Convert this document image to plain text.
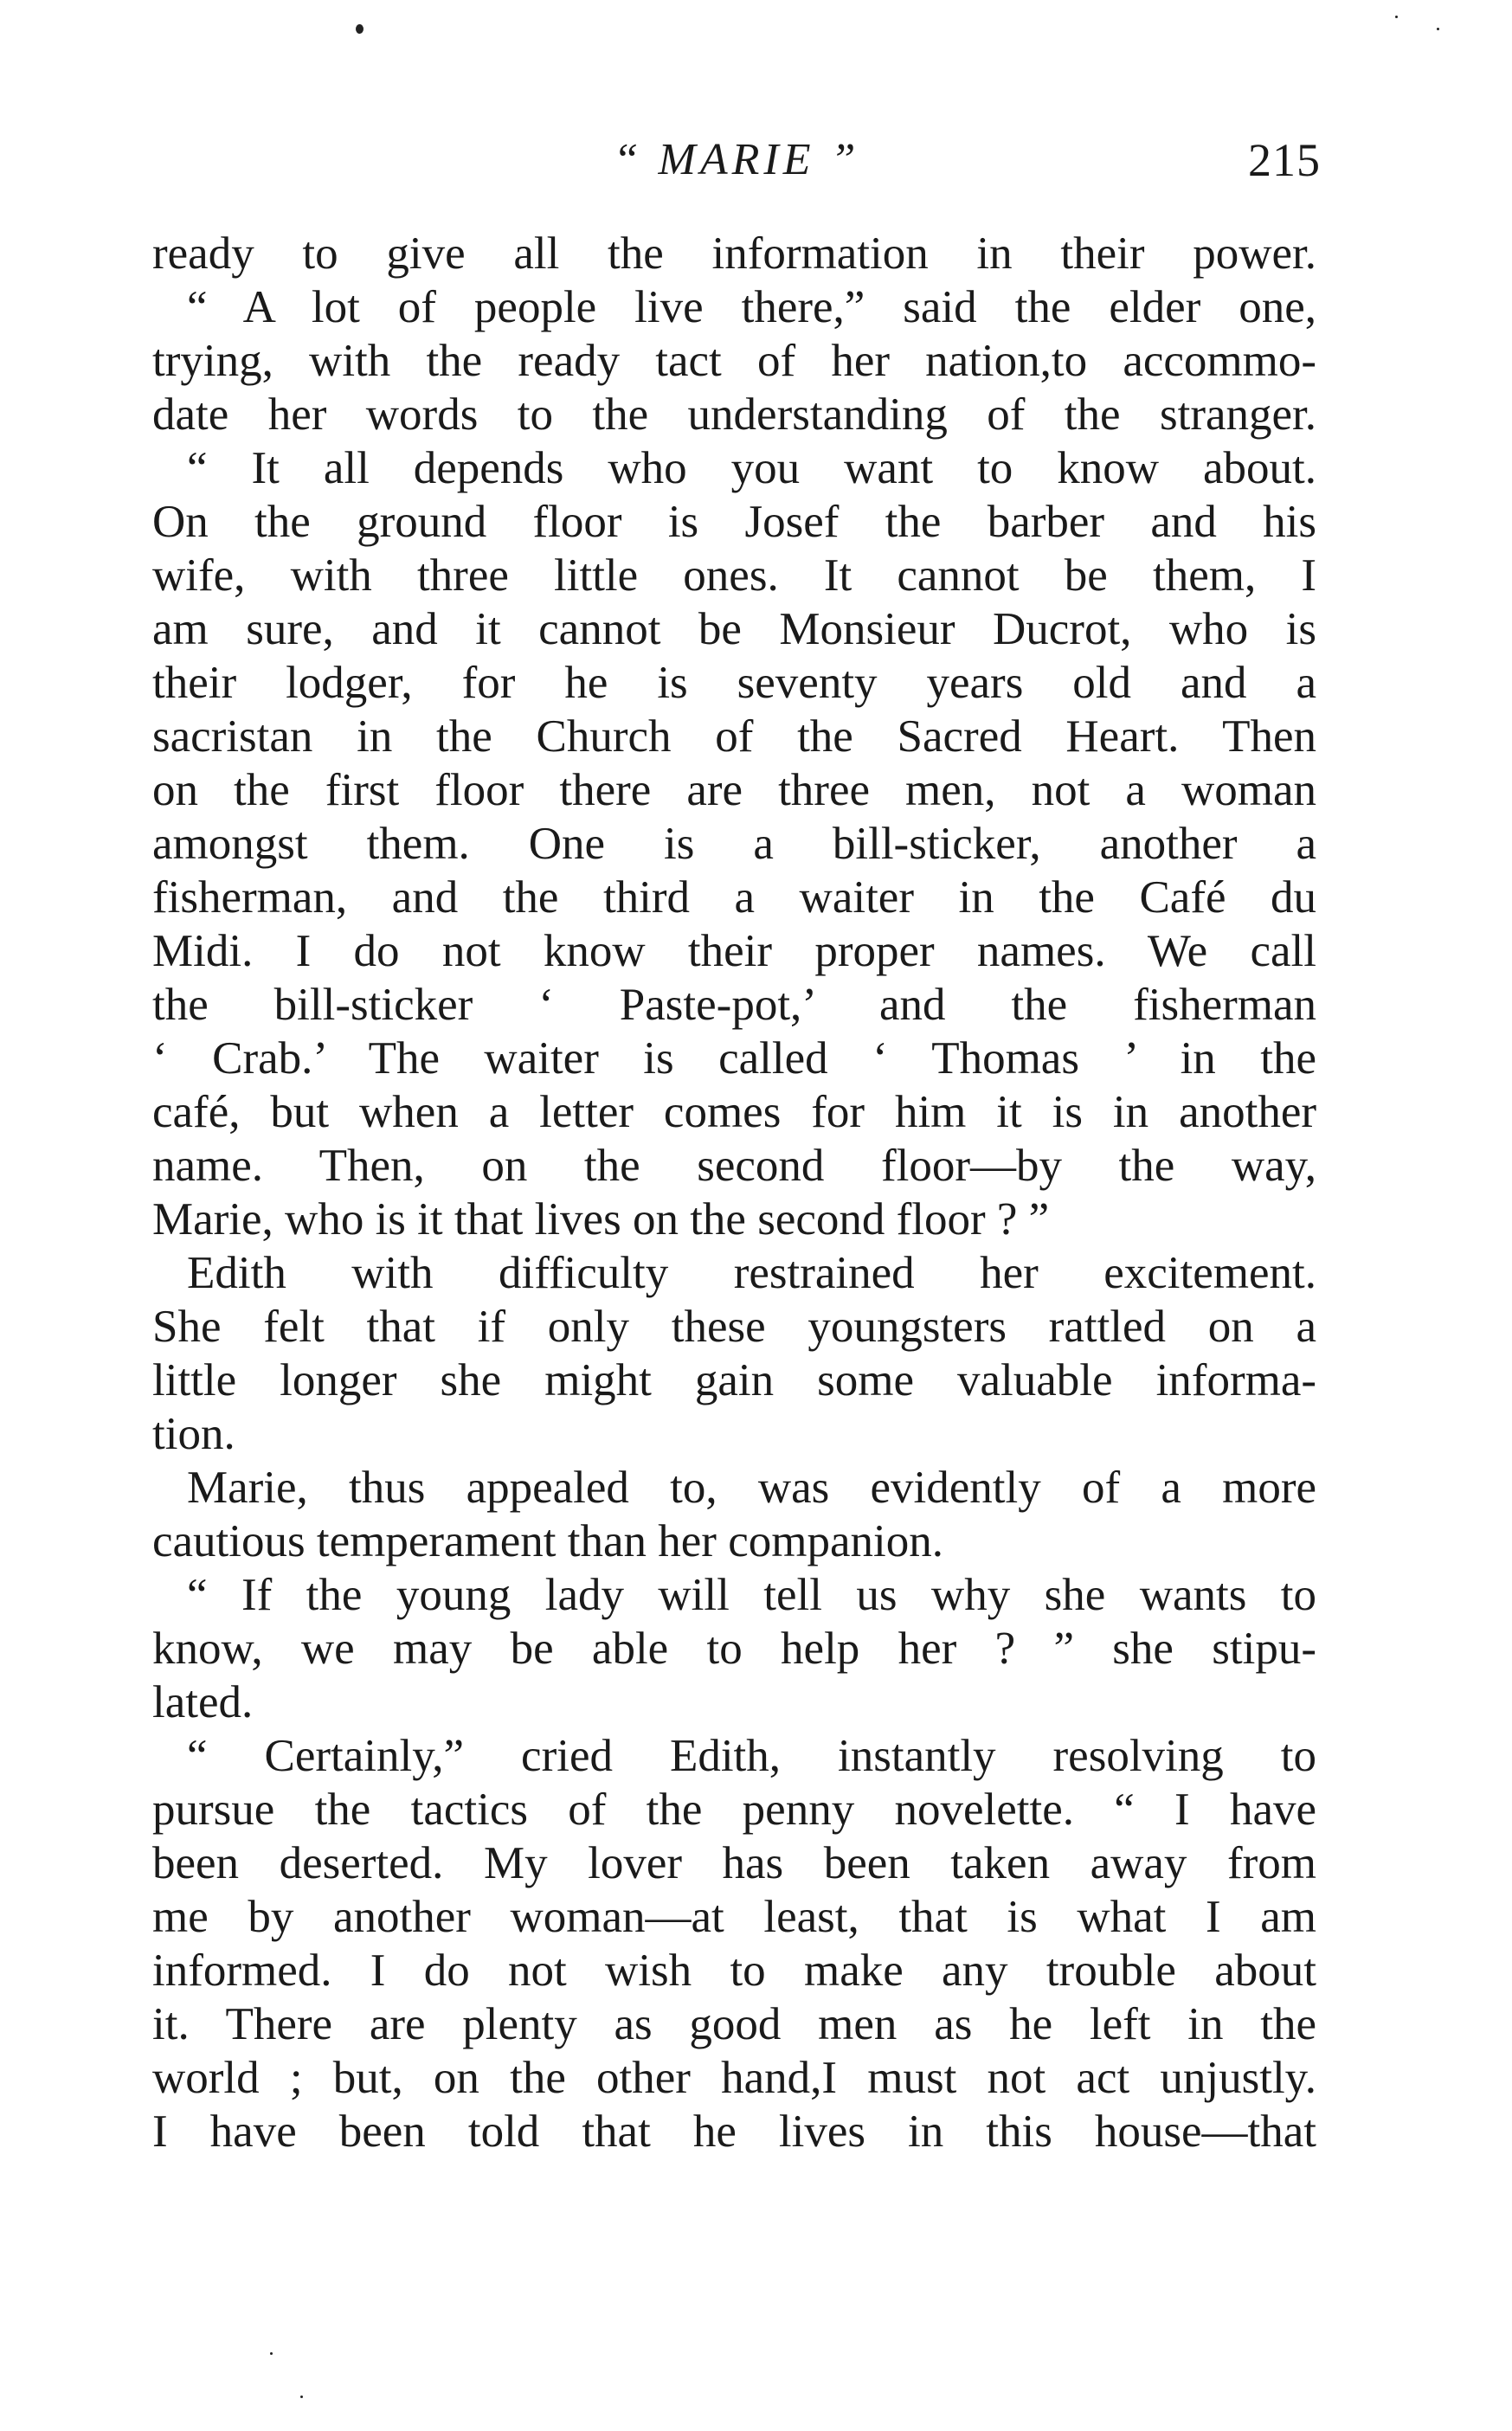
“ MARIE ”	215
ready to give all the information in their power.
“ A lot of people live there,” said the elder one,
trying, with the ready tact of her nation,to accommo-
date her words to the understanding of the stranger.
“ It all depends who you want to know about.
On the ground floor is Josef the barber and his
wife, with three little ones. It cannot be them, I
am sure, and it cannot be Monsieur Ducrot, who is
their lodger, for he is seventy years old and a
sacristan in the Church of the Sacred Heart. Then
on the first floor there are three men, not a woman
amongst them. One is a bill-sticker, another a
fisherman, and the third a waiter in the Café du
Midi. I do not know their proper names. We call
the bill-sticker ‘ Paste-pot,’ and the fisherman
‘ Crab.’ The waiter is called ‘ Thomas ’ in the
café, but when a letter comes for him it is in another
name. Then, on the second floor—by the way,
Marie, who is it that lives on the second floor ? ”
Edith with difficulty restrained her excitement.
She felt that if only these youngsters rattled on a
little longer she might gain some valuable informa-
tion.
Marie, thus appealed to, was evidently of a more
cautious temperament than her companion.
“ If the young lady will tell us why she wants to
know, we may be able to help her ? ” she stipu-
lated.
“ Certainly,” cried Edith, instantly resolving to
pursue the tactics of the penny novelette. “ I have
been deserted. My lover has been taken away from
me by another woman—at least, that is what I am
informed. I do not wish to make any trouble about
it. There are plenty as good men as he left in the
world ; but, on the other hand,I must not act unjustly.
I have been told that he lives in this house—that
